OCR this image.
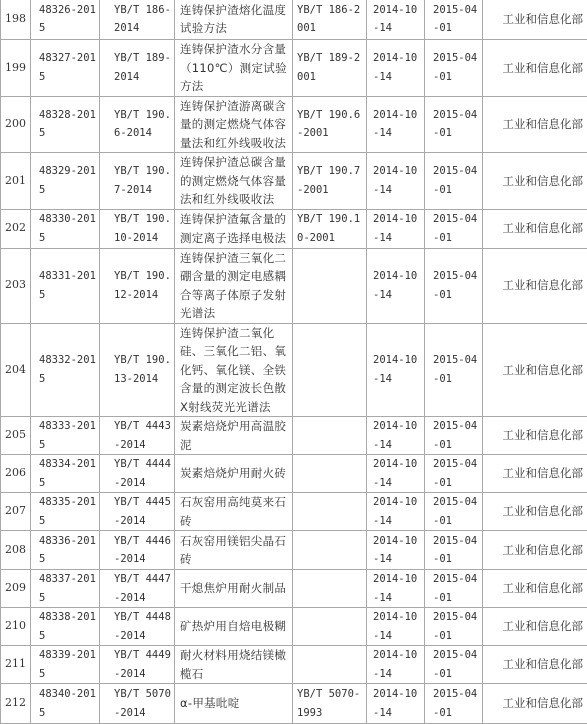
198	48326-2015	YB/T 186-2014	连铸保护渣熔化温度试验方法	YB/T 186-2001	2014-10-14	2015-04-01	工业和信息化部
199	48327-2015	YB/T 189-2014	连铸保护渣水分含量（110℃）测定试验方法	YB/T 189-2001	2014-10-14	2015-04-01	工业和信息化部
200	48328-2015	YB/T 190.6-2014	连铸保护渣游离碳含量的测定燃烧气体容量法和红外线吸收法	YB/T 190.6-2001	2014-10-14	2015-04-01	工业和信息化部
201	48329-2015	YB/T 190.7-2014	连铸保护渣总碳含量的测定燃烧气体容量法和红外线吸收法	YB/T 190.7-2001	2014-10-14	2015-04-01	工业和信息化部
202	48330-2015	YB/T 190.10-2014	连铸保护渣氟含量的测定离子选择电极法	YB/T 190.10-2001	2014-10-14	2015-04-01	工业和信息化部
203	48331-2015	YB/T 190.12-2014	连铸保护渣三氧化二硼含量的测定电感耦合等离子体原子发射光谱法		2014-10-14	2015-04-01	工业和信息化部
204	48332-2015	YB/T 190.13-2014	连铸保护渣二氧化硅、三氧化二铝、氧化钙、氧化镁、全铁含量的测定波长色散X射线荧光光谱法		2014-10-14	2015-04-01	工业和信息化部
205	48333-2015	YB/T 4443-2014	炭素焙烧炉用高温胶泥		2014-10-14	2015-04-01	工业和信息化部
206	48334-2015	YB/T 4444-2014	炭素焙烧炉用耐火砖		2014-10-14	2015-04-01	工业和信息化部
207	48335-2015	YB/T 4445-2014	石灰窑用高纯莫来石砖		2014-10-14	2015-04-01	工业和信息化部
208	48336-2015	YB/T 4446-2014	石灰窑用镁铝尖晶石砖		2014-10-14	2015-04-01	工业和信息化部
209	48337-2015	YB/T 4447-2014	干熄焦炉用耐火制品		2014-10-14	2015-04-01	工业和信息化部
210	48338-2015	YB/T 4448-2014	矿热炉用自焙电极糊		2014-10-14	2015-04-01	工业和信息化部
211	48339-2015	YB/T 4449-2014	耐火材料用烧结镁橄榄石		2014-10-14	2015-04-01	工业和信息化部
212	48340-2015	YB/T 5070-2014	α-甲基吡啶	YB/T 5070-1993	2014-10-14	2015-04-01	工业和信息化部
